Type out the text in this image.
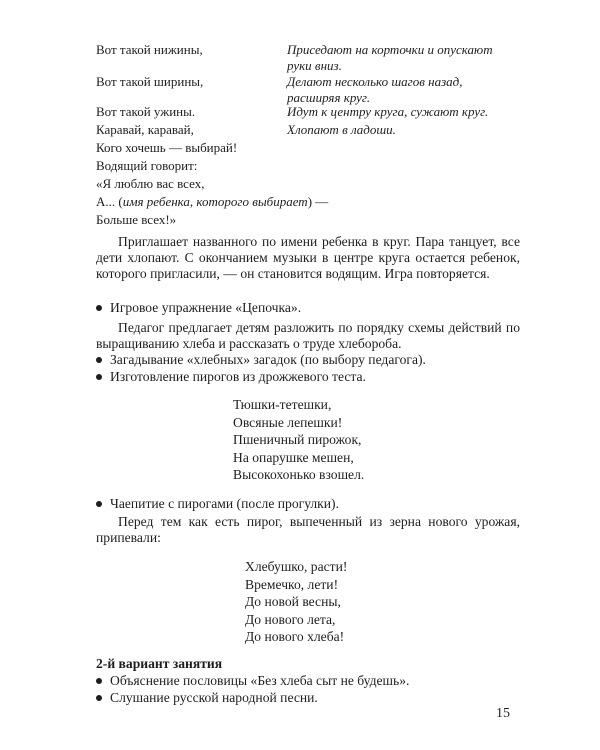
Вот такой нижины,	Приседают на корточки и опускают руки вниз.
Вот такой ширины,	Делают несколько шагов назад, расширяя круг.
Вот такой ужины.	Идут к центру круга, сужают круг.
Каравай, каравай,	Хлопают в ладоши.
Кого хочешь — выбирай!
Водящий говорит:
«Я люблю вас всех,
А... (имя ребенка, которого выбирает) —
Больше всех!»

Приглашает названного по имени ребенка в круг. Пара танцует, все дети хлопают. С окончанием музыки в центре круга остается ребенок, которого пригласили, — он становится водящим. Игра повторяется.

Игровое упражнение «Цепочка».

Педагог предлагает детям разложить по порядку схемы действий по выращиванию хлеба и рассказать о труде хлебороба.

Загадывание «хлебных» загадок (по выбору педагога).
Изготовление пирогов из дрожжевого теста.
Тюшки-тетешки,
Овсяные лепешки!
Пшеничный пирожок,
На опарушке мешен,
Высокохонько взошел.
Чаепитие с пирогами (после прогулки).

Перед тем как есть пирог, выпеченный из зерна нового урожая, припевали:

Хлебушко, расти!
Времечко, лети!
До новой весны,
До нового лета,
До нового хлеба!
2-й вариант занятия
Объяснение пословицы «Без хлеба сыт не будешь».
Слушание русской народной песни.
15
